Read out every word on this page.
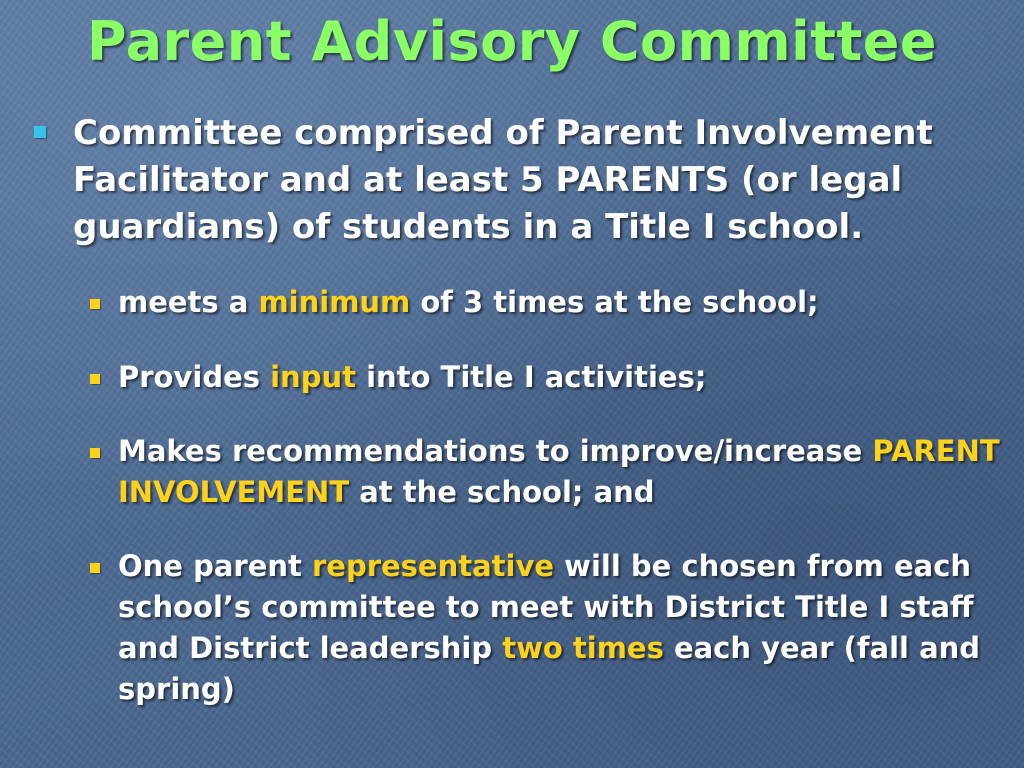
Parent Advisory Committee
Committee comprised of Parent Involvement Facilitator and at least 5 PARENTS (or legal guardians) of students in a Title I school.
meets a minimum of 3 times at the school;
Provides input into Title I activities;
Makes recommendations to improve/increase PARENT INVOLVEMENT at the school; and
One parent representative will be chosen from each school’s committee to meet with District Title I staff and District leadership two times each year (fall and spring)
